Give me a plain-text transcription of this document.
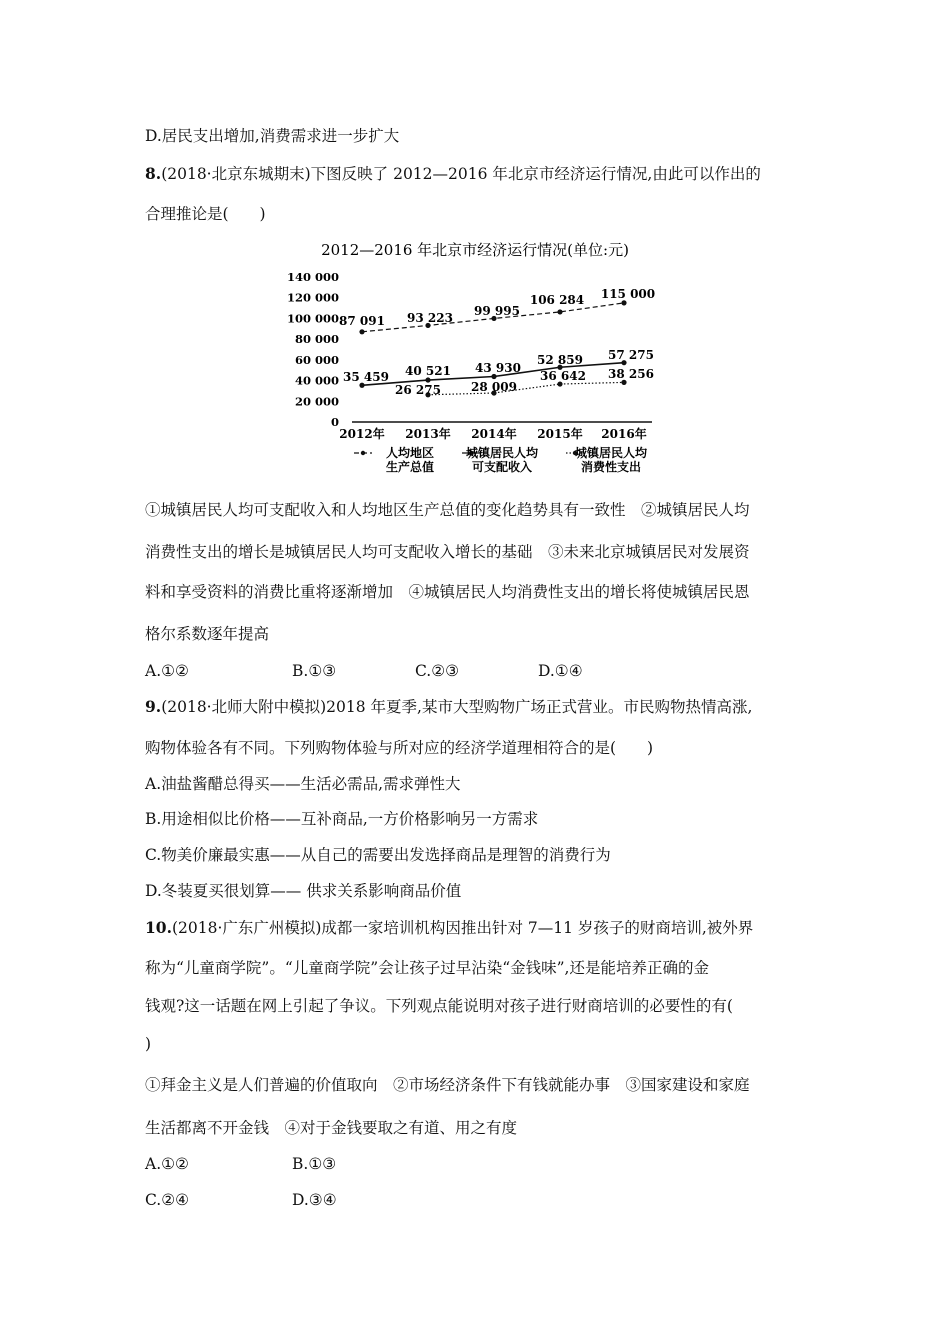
D.居民支出增加,消费需求进一步扩大
8.(2018·北京东城期末)下图反映了 2012—2016 年北京市经济运行情况,由此可以作出的
合理推论是(　　)
2012—2016 年北京市经济运行情况(单位:元)
0
20 000
40 000
60 000
80 000
100 000
120 000
140 000
2012年 2013年 2014年 2015年 2016年
87 091 93 223 99 995
106 284 115 000
35 459 40 521 43 930
52 859 57 275
26 275	28 009
36 642 38 256
人均地区
生产总值
城镇居民人均
可支配收入
城镇居民人均
消费性支出
①城镇居民人均可支配收入和人均地区生产总值的变化趋势具有一致性　②城镇居民人均
消费性支出的增长是城镇居民人均可支配收入增长的基础　③未来北京城镇居民对发展资
料和享受资料的消费比重将逐渐增加　④城镇居民人均消费性支出的增长将使城镇居民恩
格尔系数逐年提高
A.①②	B.①③	C.②③	D.①④
9.(2018·北师大附中模拟)2018 年夏季,某市大型购物广场正式营业。市民购物热情高涨,
购物体验各有不同。下列购物体验与所对应的经济学道理相符合的是(　　)
A.油盐酱醋总得买——生活必需品,需求弹性大
B.用途相似比价格——互补商品,一方价格影响另一方需求
C.物美价廉最实惠——从自己的需要出发选择商品是理智的消费行为
D.冬装夏买很划算—— 供求关系影响商品价值
10.(2018·广东广州模拟)成都一家培训机构因推出针对 7—11 岁孩子的财商培训,被外界
称为“儿童商学院”。“儿童商学院”会让孩子过早沾染“金钱味”,还是能培养正确的金
钱观?这一话题在网上引起了争议。下列观点能说明对孩子进行财商培训的必要性的有(
)
①拜金主义是人们普遍的价值取向　②市场经济条件下有钱就能办事　③国家建设和家庭
生活都离不开金钱　④对于金钱要取之有道、用之有度
A.①②	B.①③
C.②④	D.③④
